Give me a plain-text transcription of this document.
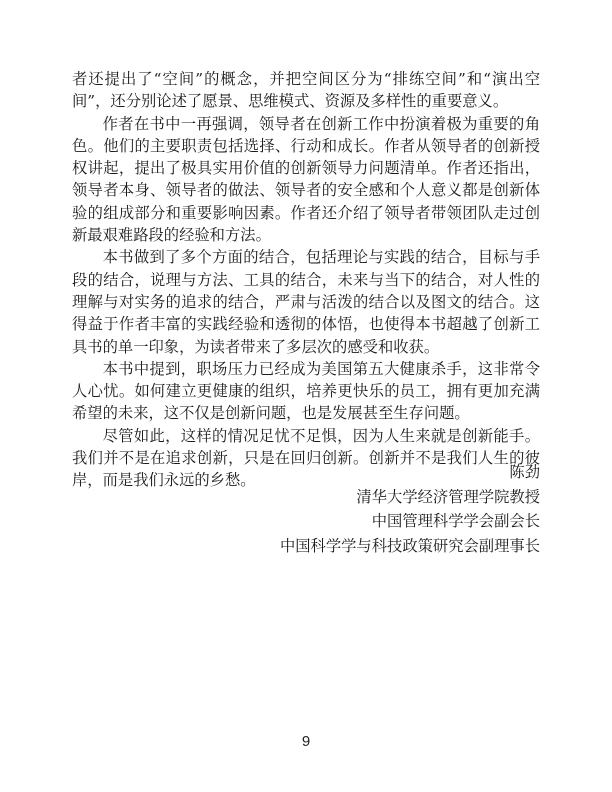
者还提出了“空间”的概念，并把空间区分为“排练空间”和“演出空间”，还分别论述了愿景、思维模式、资源及多样性的重要意义。

作者在书中一再强调，领导者在创新工作中扮演着极为重要的角色。他们的主要职责包括选择、行动和成长。作者从领导者的创新授权讲起，提出了极具实用价值的创新领导力问题清单。作者还指出，领导者本身、领导者的做法、领导者的安全感和个人意义都是创新体验的组成部分和重要影响因素。作者还介绍了领导者带领团队走过创新最艰难路段的经验和方法。

本书做到了多个方面的结合，包括理论与实践的结合，目标与手段的结合，说理与方法、工具的结合，未来与当下的结合，对人性的理解与对实务的追求的结合，严肃与活泼的结合以及图文的结合。这得益于作者丰富的实践经验和透彻的体悟，也使得本书超越了创新工具书的单一印象，为读者带来了多层次的感受和收获。

本书中提到，职场压力已经成为美国第五大健康杀手，这非常令人心忧。如何建立更健康的组织，培养更快乐的员工，拥有更加充满希望的未来，这不仅是创新问题，也是发展甚至生存问题。

尽管如此，这样的情况足忧不足惧，因为人生来就是创新能手。我们并不是在追求创新，只是在回归创新。创新并不是我们人生的彼岸，而是我们永远的乡愁。	陈劲
清华大学经济管理学院教授
中国管理科学学会副会长
中国科学学与科技政策研究会副理事长
9
